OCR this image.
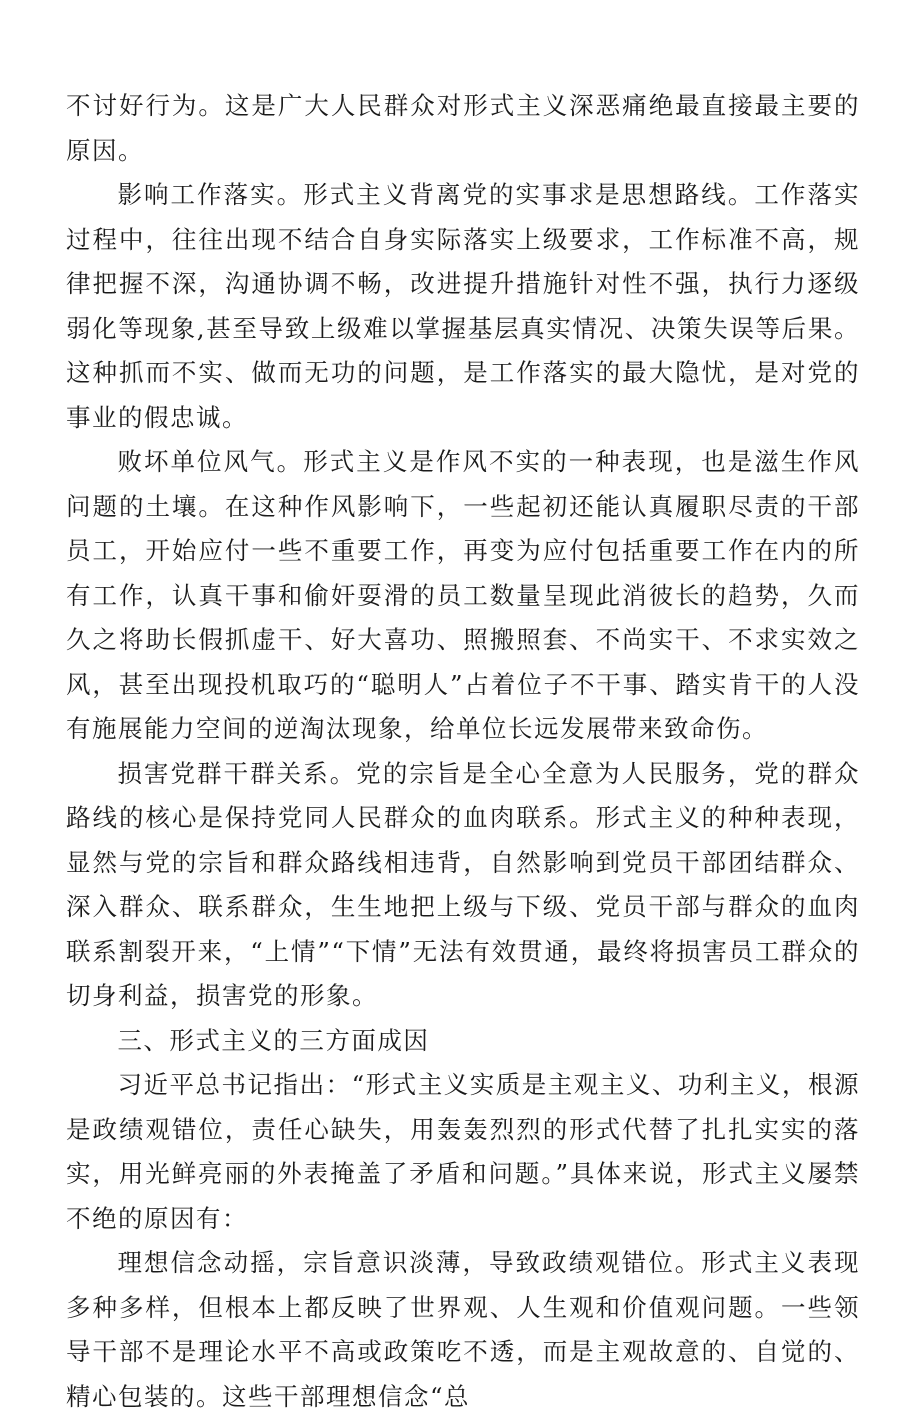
不讨好行为。这是广大人民群众对形式主义深恶痛绝最直接最主要的原因。

影响工作落实。形式主义背离党的实事求是思想路线。工作落实过程中，往往出现不结合自身实际落实上级要求，工作标准不高，规律把握不深，沟通协调不畅，改进提升措施针对性不强，执行力逐级弱化等现象,甚至导致上级难以掌握基层真实情况、决策失误等后果。这种抓而不实、做而无功的问题，是工作落实的最大隐忧，是对党的事业的假忠诚。

败坏单位风气。形式主义是作风不实的一种表现，也是滋生作风问题的土壤。在这种作风影响下，一些起初还能认真履职尽责的干部员工，开始应付一些不重要工作，再变为应付包括重要工作在内的所有工作，认真干事和偷奸耍滑的员工数量呈现此消彼长的趋势，久而久之将助长假抓虚干、好大喜功、照搬照套、不尚实干、不求实效之风，甚至出现投机取巧的“聪明人”占着位子不干事、踏实肯干的人没有施展能力空间的逆淘汰现象，给单位长远发展带来致命伤。

损害党群干群关系。党的宗旨是全心全意为人民服务，党的群众路线的核心是保持党同人民群众的血肉联系。形式主义的种种表现，显然与党的宗旨和群众路线相违背，自然影响到党员干部团结群众、深入群众、联系群众，生生地把上级与下级、党员干部与群众的血肉联系割裂开来，“上情”“下情”无法有效贯通，最终将损害员工群众的切身利益，损害党的形象。

三、形式主义的三方面成因

习近平总书记指出：“形式主义实质是主观主义、功利主义，根源是政绩观错位，责任心缺失，用轰轰烈烈的形式代替了扎扎实实的落实，用光鲜亮丽的外表掩盖了矛盾和问题。”具体来说，形式主义屡禁不绝的原因有：

理想信念动摇，宗旨意识淡薄，导致政绩观错位。形式主义表现多种多样，但根本上都反映了世界观、人生观和价值观问题。一些领导干部不是理论水平不高或政策吃不透，而是主观故意的、自觉的、精心包装的。这些干部理想信念“总
